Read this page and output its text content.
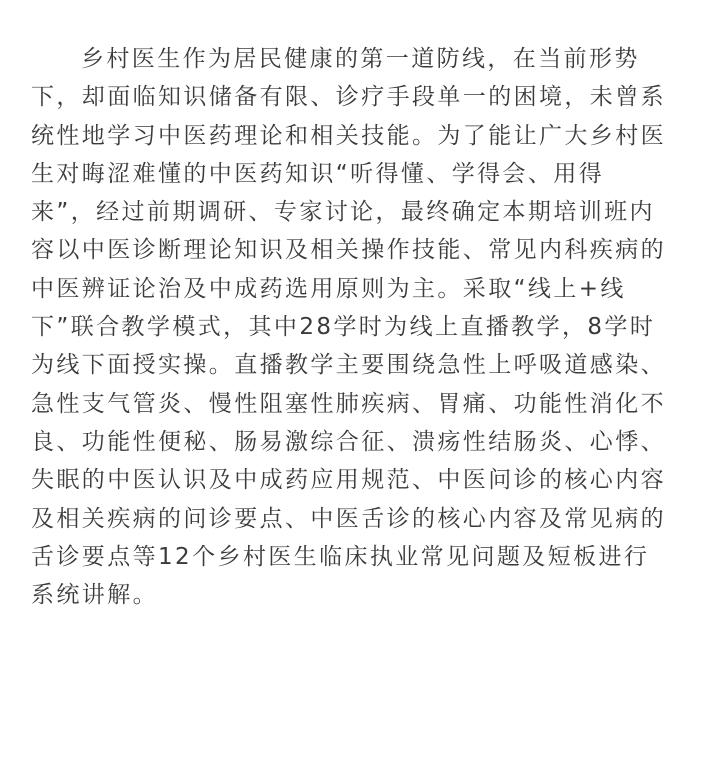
乡村医生作为居民健康的第一道防线，在当前形势
下，却面临知识储备有限、诊疗手段单一的困境，未曾系
统性地学习中医药理论和相关技能。为了能让广大乡村医
生对晦涩难懂的中医药知识“听得懂、学得会、用得
来”，经过前期调研、专家讨论，最终确定本期培训班内
容以中医诊断理论知识及相关操作技能、常见内科疾病的
中医辨证论治及中成药选用原则为主。采取“线上+线
下”联合教学模式，其中28学时为线上直播教学，8学时
为线下面授实操。直播教学主要围绕急性上呼吸道感染、
急性支气管炎、慢性阻塞性肺疾病、胃痛、功能性消化不
良、功能性便秘、肠易激综合征、溃疡性结肠炎、心悸、
失眠的中医认识及中成药应用规范、中医问诊的核心内容
及相关疾病的问诊要点、中医舌诊的核心内容及常见病的
舌诊要点等12个乡村医生临床执业常见问题及短板进行
系统讲解。
